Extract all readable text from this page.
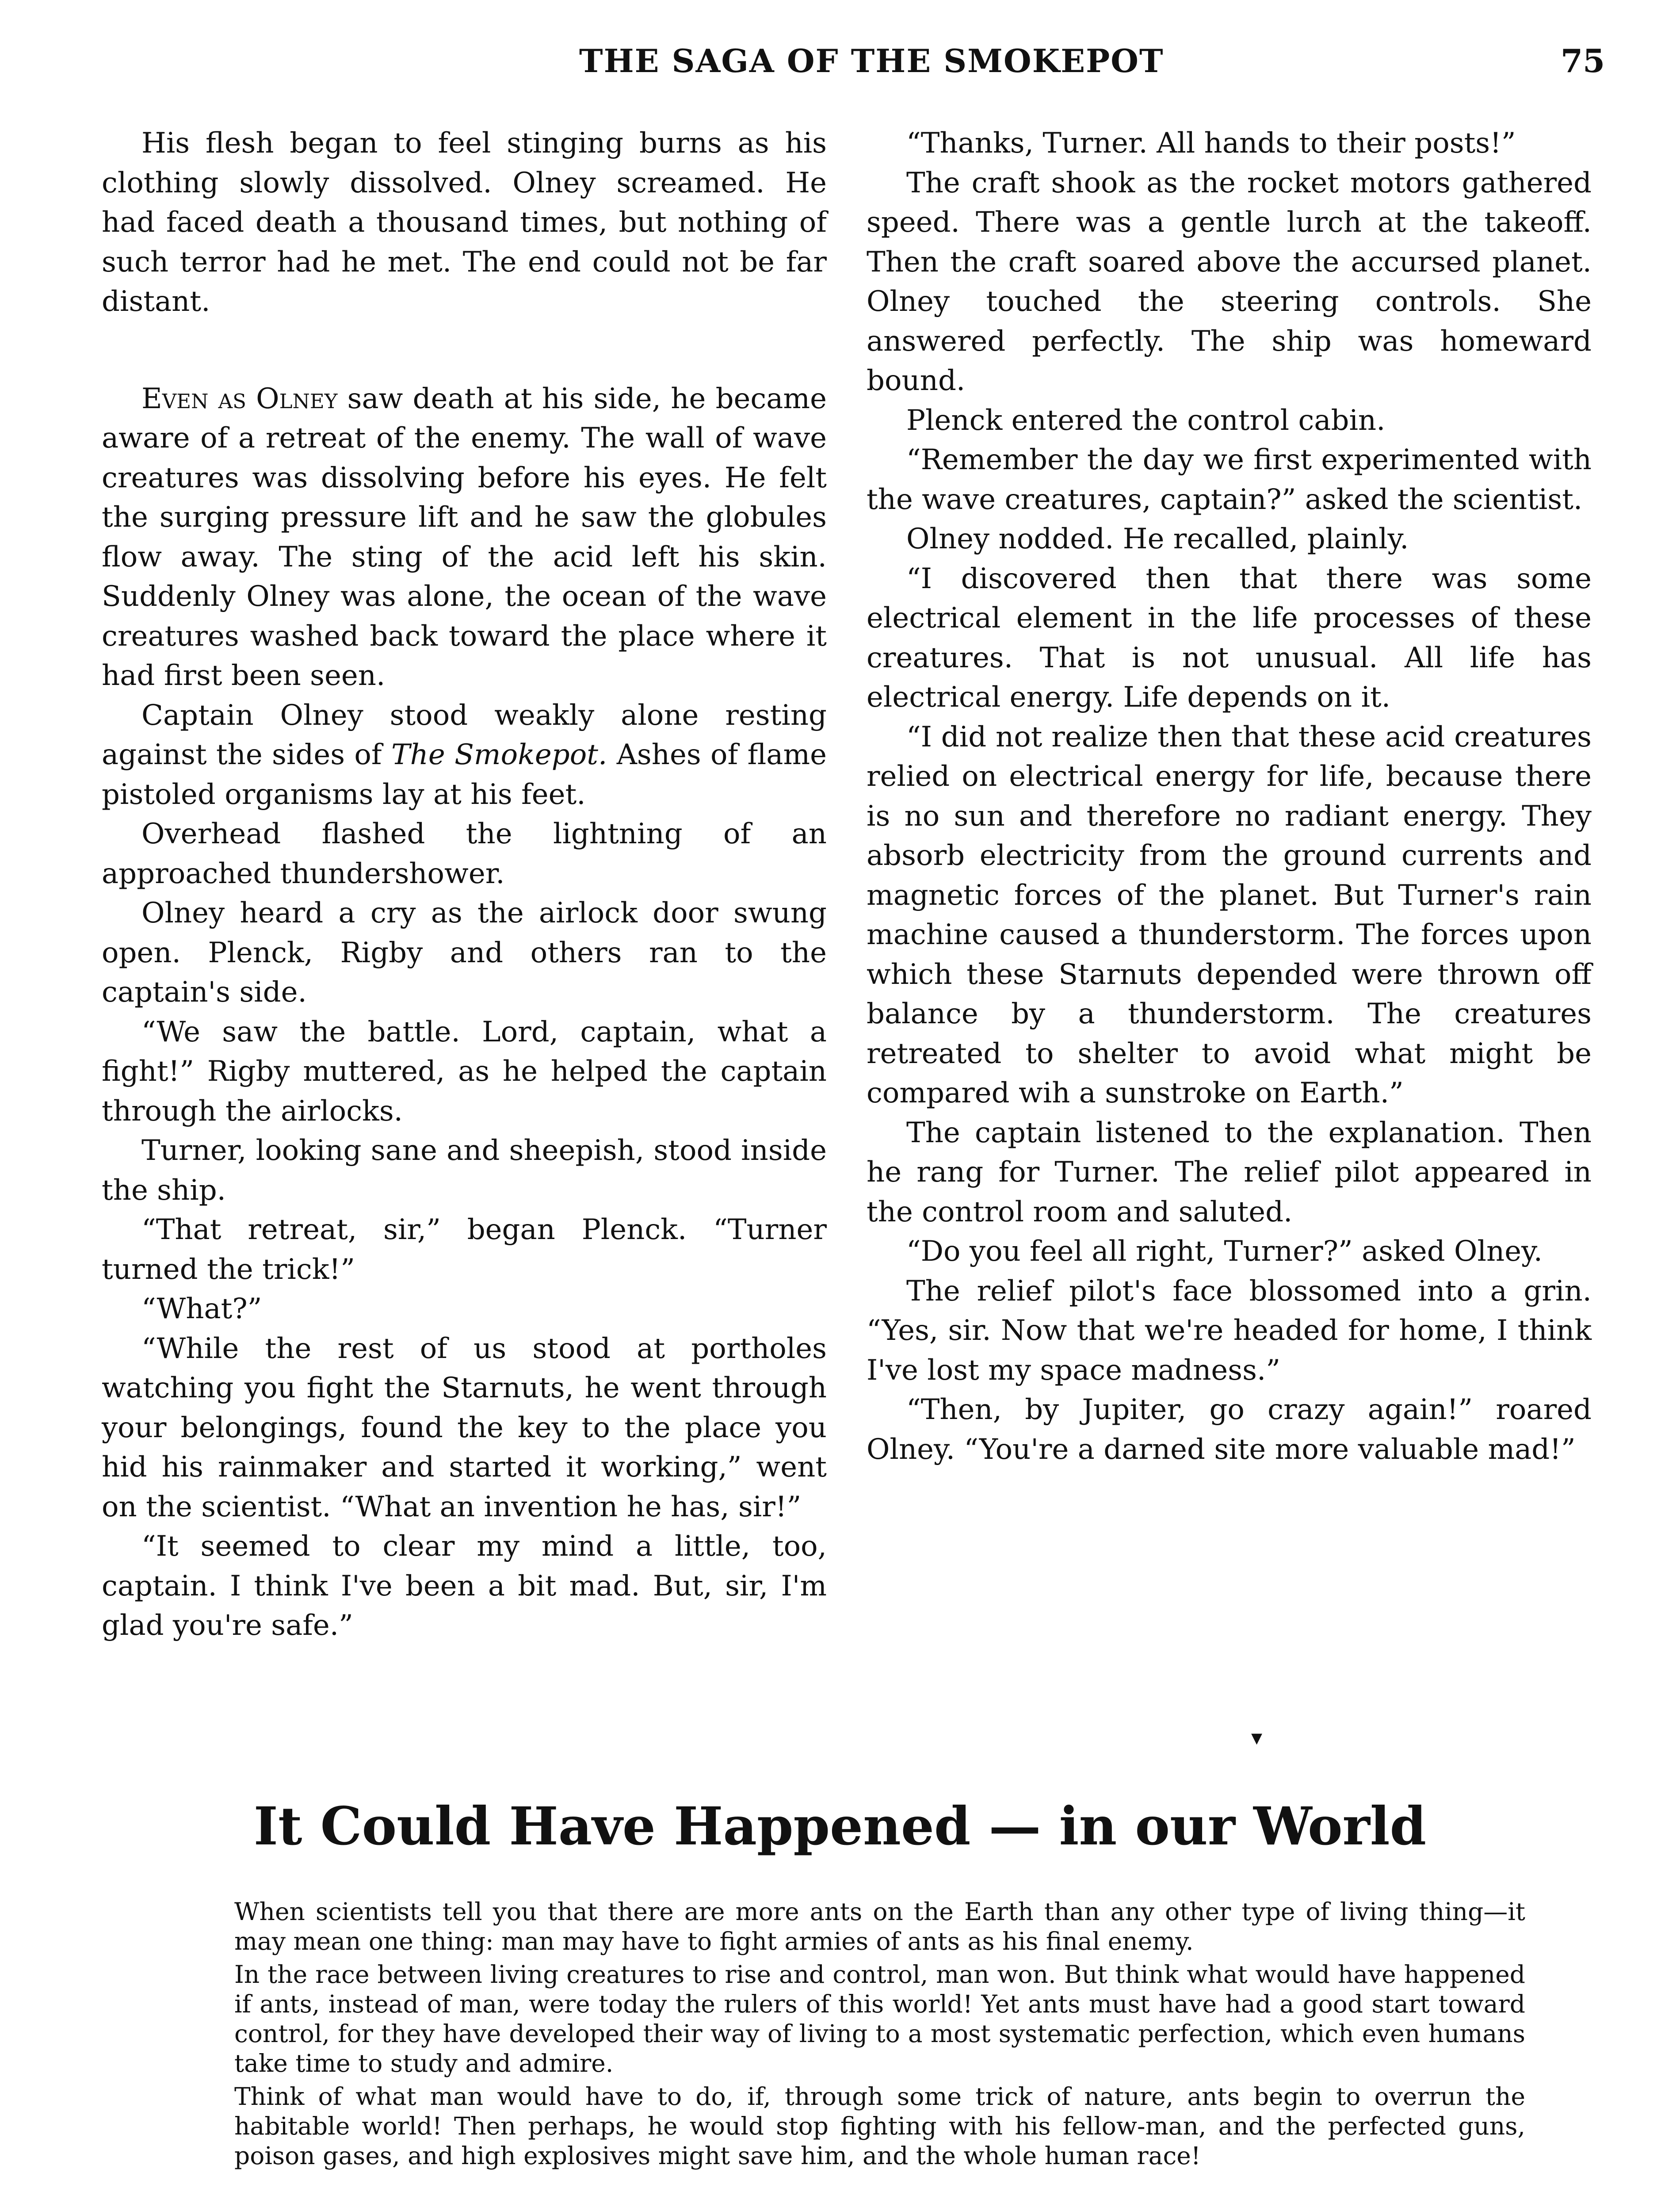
THE SAGA OF THE SMOKEPOT	75

His flesh began to feel stinging burns as his clothing slowly dissolved. Olney screamed. He had faced death a thousand times, but nothing of such terror had he met. The end could not be far distant.

Even as Olney saw death at his side, he became aware of a retreat of the enemy. The wall of wave creatures was dissolving before his eyes. He felt the surging pressure lift and he saw the globules flow away. The sting of the acid left his skin. Suddenly Olney was alone, the ocean of the wave creatures washed back toward the place where it had first been seen.

Captain Olney stood weakly alone resting against the sides of The Smokepot. Ashes of flame pistoled organisms lay at his feet.

Overhead flashed the lightning of an approached thundershower.

Olney heard a cry as the airlock door swung open. Plenck, Rigby and others ran to the captain's side.

“We saw the battle. Lord, captain, what a fight!” Rigby muttered, as he helped the captain through the airlocks.

Turner, looking sane and sheepish, stood inside the ship.

“That retreat, sir,” began Plenck. “Turner turned the trick!”

“What?”

“While the rest of us stood at portholes watching you fight the Starnuts, he went through your belongings, found the key to the place you hid his rainmaker and started it working,” went on the scientist. “What an invention he has, sir!”

“It seemed to clear my mind a little, too, captain. I think I've been a bit mad. But, sir, I'm glad you're safe.”

“Thanks, Turner. All hands to their posts!”

The craft shook as the rocket motors gathered speed. There was a gentle lurch at the takeoff. Then the craft soared above the accursed planet. Olney touched the steering controls. She answered perfectly. The ship was homeward bound.

Plenck entered the control cabin.

“Remember the day we first experimented with the wave creatures, captain?” asked the scientist.

Olney nodded. He recalled, plainly.

“I discovered then that there was some electrical element in the life processes of these creatures. That is not unusual. All life has electrical energy. Life depends on it.

“I did not realize then that these acid creatures relied on electrical energy for life, because there is no sun and therefore no radiant energy. They absorb electricity from the ground currents and magnetic forces of the planet. But Turner's rain machine caused a thunderstorm. The forces upon which these Starnuts depended were thrown off balance by a thunderstorm. The creatures retreated to shelter to avoid what might be compared wih a sunstroke on Earth.”

The captain listened to the explanation. Then he rang for Turner. The relief pilot appeared in the control room and saluted.

“Do you feel all right, Turner?” asked Olney.

The relief pilot's face blossomed into a grin. “Yes, sir. Now that we're headed for home, I think I've lost my space madness.”

“Then, by Jupiter, go crazy again!” roared Olney. “You're a darned site more valuable mad!”

▾
It Could Have Happened — in our World

When scientists tell you that there are more ants on the Earth than any other type of living thing—it may mean one thing: man may have to fight armies of ants as his final enemy.

In the race between living creatures to rise and control, man won. But think what would have happened if ants, instead of man, were today the rulers of this world! Yet ants must have had a good start toward control, for they have developed their way of living to a most systematic perfection, which even humans take time to study and admire.

Think of what man would have to do, if, through some trick of nature, ants begin to overrun the habitable world! Then perhaps, he would stop fighting with his fellow-man, and the perfected guns, poison gases, and high explosives might save him, and the whole human race!
